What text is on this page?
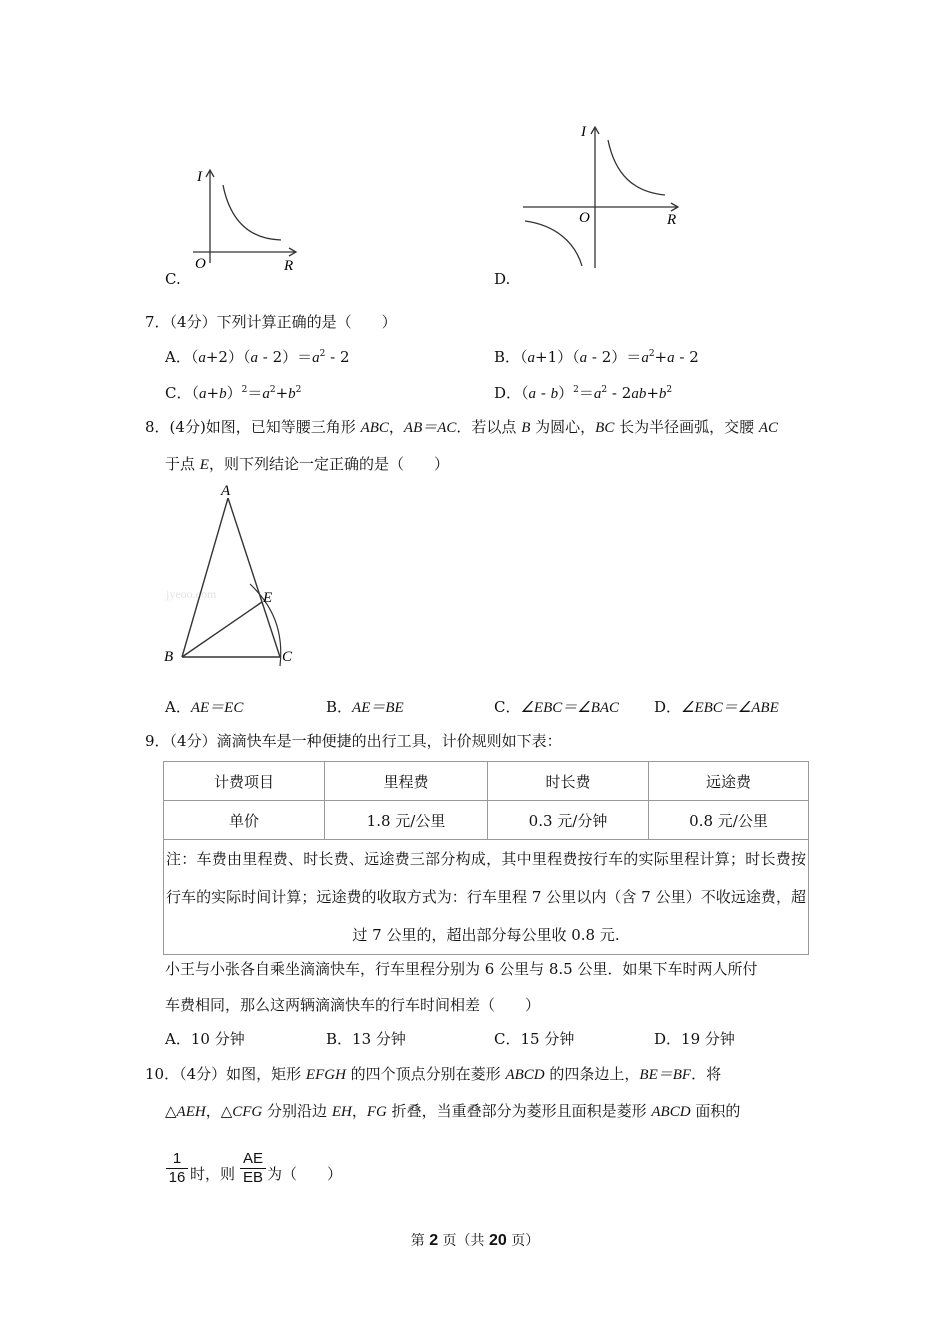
I
O	R
C.
I
O	R
D.
7．（4分）下列计算正确的是（　　）
A．$(a+2)(a - 2)=a^2 - 2$	B．$(a+1)(a - 2)=a^2+a - 2$
C．$(a+b)^2=a^2+b^2$	D．$(a - b)^2=a^2 - 2ab+b^2$
8．(4分)如图，已知等腰三角形 ABC，AB＝AC．若以点 B 为圆心，BC 长为半径画弧，交腰 AC
于点 E，则下列结论一定正确的是（　　）
jyeoo.com
A
B	C
E
A．AE＝EC	B．AE＝BE	C．∠EBC＝∠BAC D．∠EBC＝∠ABE
9．（4分）滴滴快车是一种便捷的出行工具，计价规则如下表：
计费项目	里程费	时长费	远途费
单价	1.8 元/公里	0.3 元/分钟	0.8 元/公里
注：车费由里程费、时长费、远途费三部分构成，其中里程费按行车的实际里程计算；时长费按行车的实际时间计算；远途费的收取方式为：行车里程 7 公里以内（含 7 公里）不收远途费，超过 7 公里的，超出部分每公里收 0.8 元.			
小王与小张各自乘坐滴滴快车，行车里程分别为 6 公里与 8.5 公里．如果下车时两人所付
车费相同，那么这两辆滴滴快车的行车时间相差（　　）
A．10 分钟	B．13 分钟	C．15 分钟	D．19 分钟
10．（4分）如图，矩形 EFGH 的四个顶点分别在菱形 ABCD 的四条边上，BE＝BF．将
△AEH，△CFG 分别沿边 EH，FG 折叠，当重叠部分为菱形且面积是菱形 ABCD 面积的
$\frac{1}{16}$ 时，则 $\frac{AE}{EB}$ 为（　　）
第 2 页（共 20 页）
